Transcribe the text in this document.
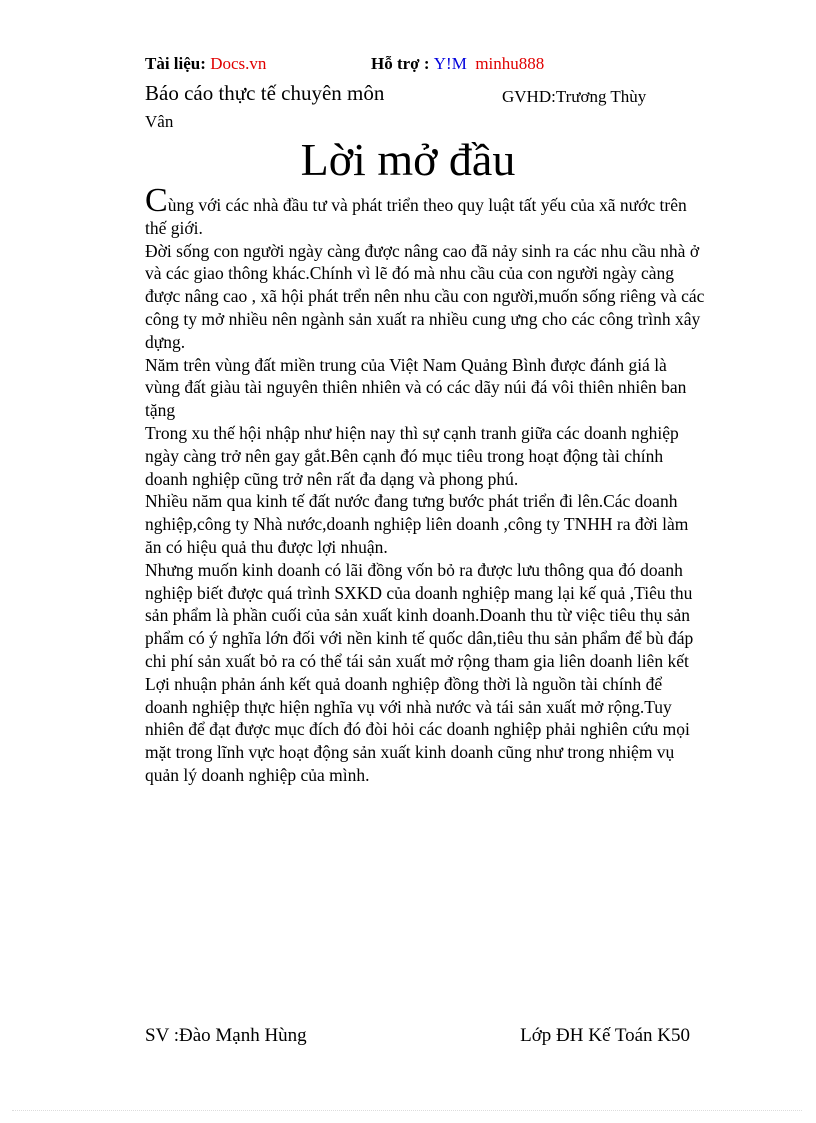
Tài liệu: Docs.vn	Hỗ trợ : Y!M minhu888
Báo cáo thực tế chuyên môn	GVHD:Trương Thùy

Vân
Lời mở đầu

Cùng với các nhà đầu tư và phát triển theo quy luật tất yếu của xã nước trên thế giới.

Đời sống con người ngày càng được nâng cao đã nảy sinh ra các nhu cầu nhà ở và các giao thông khác.Chính vì lẽ đó mà nhu cầu của con người ngày càng được nâng cao , xã hội phát trển nên nhu cầu con người,muốn sống riêng và các công ty mở nhiều nên ngành sản xuất ra nhiều cung ưng cho các công trình xây dựng.

Năm trên vùng đất miền trung của Việt Nam Quảng Bình được đánh giá là vùng đất giàu tài nguyên thiên nhiên và có các dãy núi đá vôi thiên nhiên ban tặng

Trong xu thế hội nhập như hiện nay thì sự cạnh tranh giữa các doanh nghiệp ngày càng trở nên gay gắt.Bên cạnh đó mục tiêu trong hoạt động tài chính doanh nghiệp cũng trở nên rất đa dạng và phong phú.

Nhiều năm qua kinh tế đất nước đang tưng bước phát triển đi lên.Các doanh nghiệp,công ty Nhà nước,doanh nghiệp liên doanh ,công ty TNHH ra đời làm ăn có hiệu quả thu được lợi nhuận.

Nhưng muốn kinh doanh có lãi đồng vốn bỏ ra được lưu thông qua đó doanh nghiệp biết được quá trình SXKD của doanh nghiệp mang lại kế quả ,Tiêu thu sản phẩm là phần cuối của sản xuất kinh doanh.Doanh thu từ việc tiêu thụ sản phẩm có ý nghĩa lớn đối với nền kinh tế quốc dân,tiêu thu sản phẩm để bù đáp chi phí sản xuất bỏ ra có thể tái sản xuất mở rộng tham gia liên doanh liên kết

Lợi nhuận phản ánh kết quả doanh nghiệp đồng thời là nguồn tài chính để doanh nghiệp thực hiện nghĩa vụ với nhà nước và tái sản xuất mở rộng.Tuy nhiên để đạt được mục đích đó đòi hỏi các doanh nghiệp phải nghiên cứu mọi mặt trong lĩnh vực hoạt động sản xuất kinh doanh cũng như trong nhiệm vụ quản lý doanh nghiệp của mình.

SV :Đào Mạnh Hùng	Lớp ĐH Kế Toán K50
